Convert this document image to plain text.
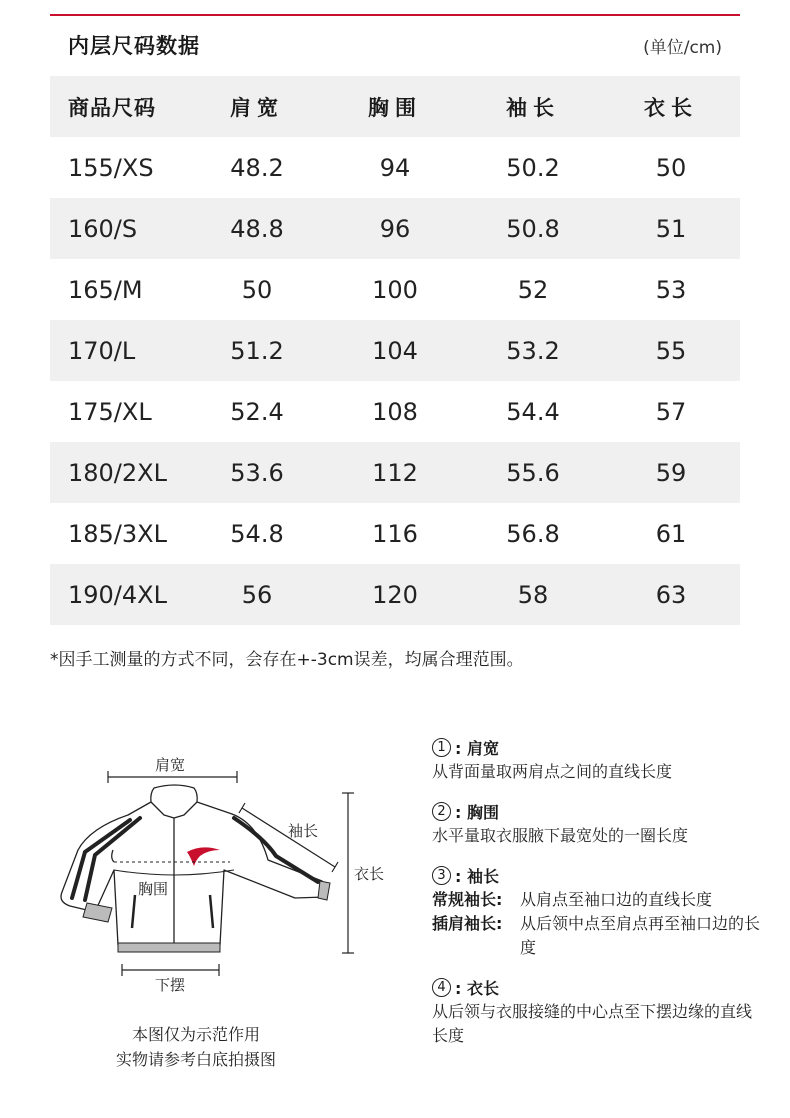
内层尺码数据	(单位/cm)
商品尺码	肩宽	胸围	袖长	衣长
155/XS	48.2	94	50.2	50
160/S	48.8	96	50.8	51
165/M	50	100	52	53
170/L	51.2	104	53.2	55
175/XL	52.4	108	54.4	57
180/2XL	53.6	112	55.6	59
185/3XL	54.8	116	56.8	61
190/4XL	56	120	58	63
*因手工测量的方式不同，会存在+-3cm误差，均属合理范围。
肩宽
袖长
衣长
胸围
下摆
本图仅为示范作用
实物请参考白底拍摄图
1 : 肩宽
从背面量取两肩点之间的直线长度
2 : 胸围
水平量取衣服腋下最宽处的一圈长度
3 : 袖长
常规袖长:	从肩点至袖口边的直线长度
插肩袖长:	从后领中点至肩点再至袖口边的长度
4 : 衣长
从后领与衣服接缝的中心点至下摆边缘的直线长度
